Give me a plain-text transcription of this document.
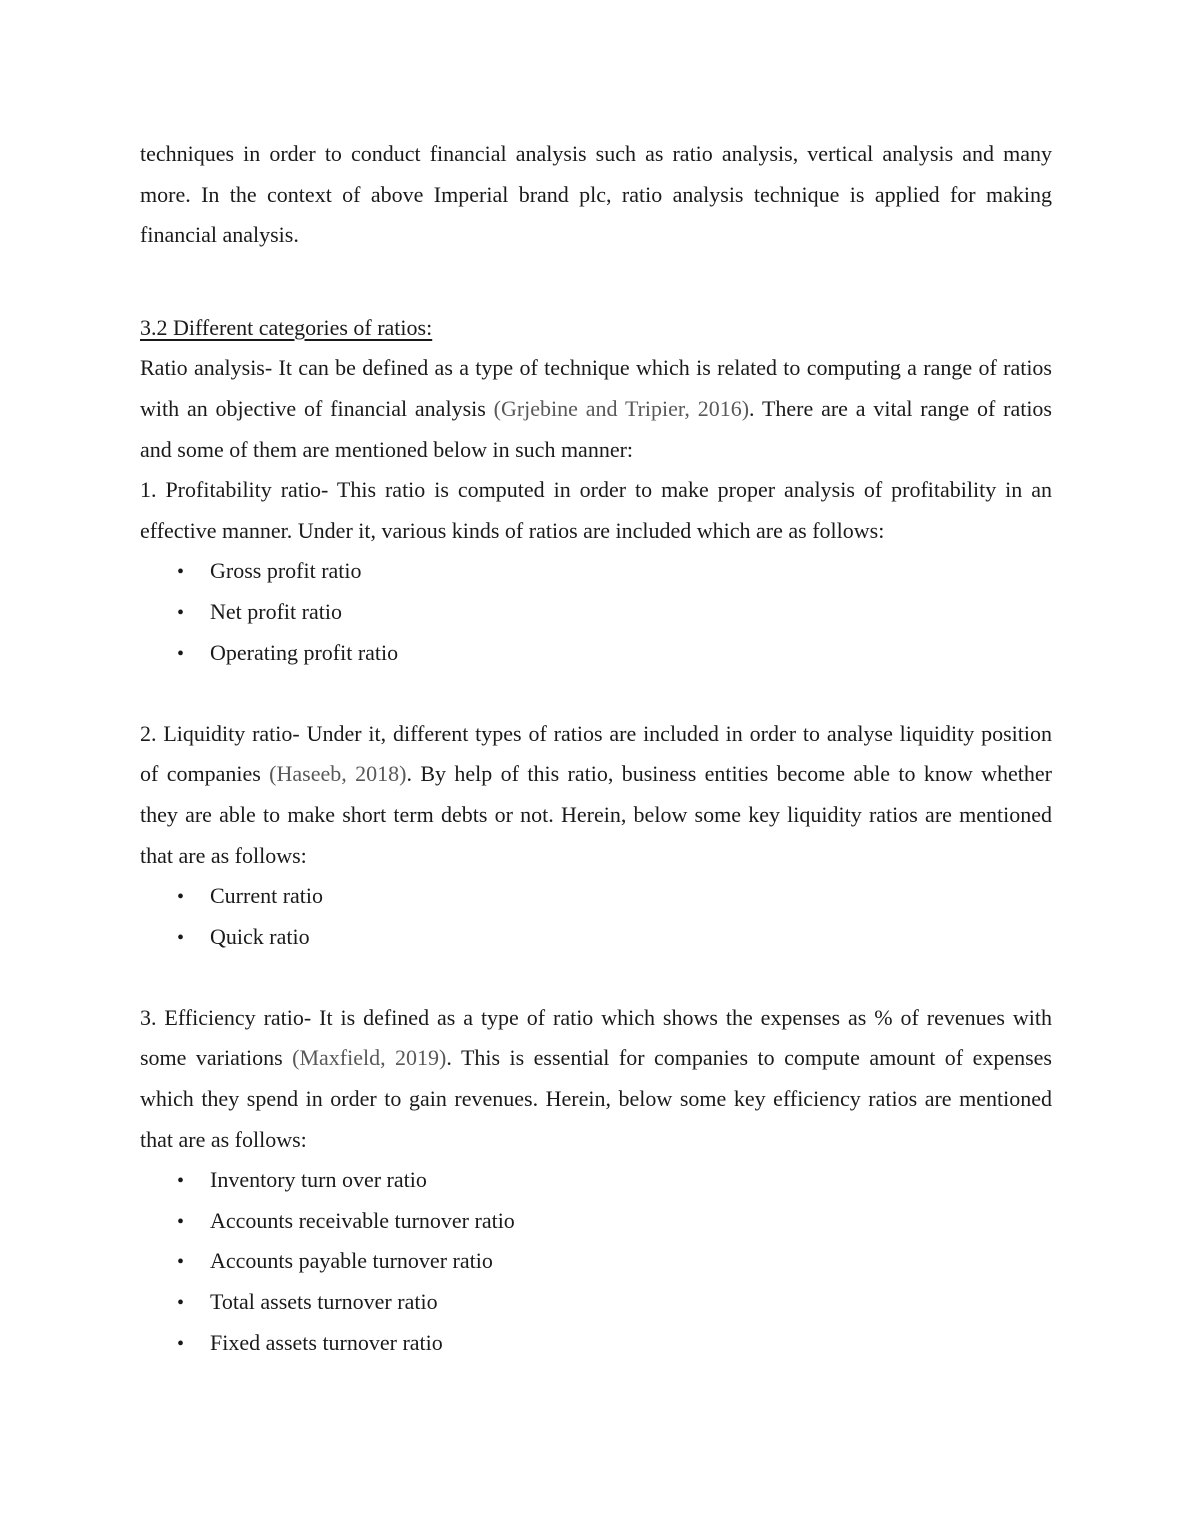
techniques in order to conduct financial analysis such as ratio analysis, vertical analysis and many more. In the context of above Imperial brand plc, ratio analysis technique is applied for making financial analysis.

3.2 Different categories of ratios:

Ratio analysis- It can be defined as a type of technique which is related to computing a range of ratios with an objective of financial analysis (Grjebine and Tripier, 2016). There are a vital range of ratios and some of them are mentioned below in such manner:

1. Profitability ratio- This ratio is computed in order to make proper analysis of profitability in an effective manner. Under it, various kinds of ratios are included which are as follows:

•
Gross profit ratio
•
Net profit ratio
•
Operating profit ratio

2. Liquidity ratio- Under it, different types of ratios are included in order to analyse liquidity position of companies (Haseeb, 2018). By help of this ratio, business entities become able to know whether they are able to make short term debts or not. Herein, below some key liquidity ratios are mentioned that are as follows:

•
Current ratio
•
Quick ratio

3. Efficiency ratio- It is defined as a type of ratio which shows the expenses as % of revenues with some variations (Maxfield, 2019). This is essential for companies to compute amount of expenses which they spend in order to gain revenues. Herein, below some key efficiency ratios are mentioned that are as follows:

•
Inventory turn over ratio
•
Accounts receivable turnover ratio
•
Accounts payable turnover ratio
•
Total assets turnover ratio
•
Fixed assets turnover ratio
